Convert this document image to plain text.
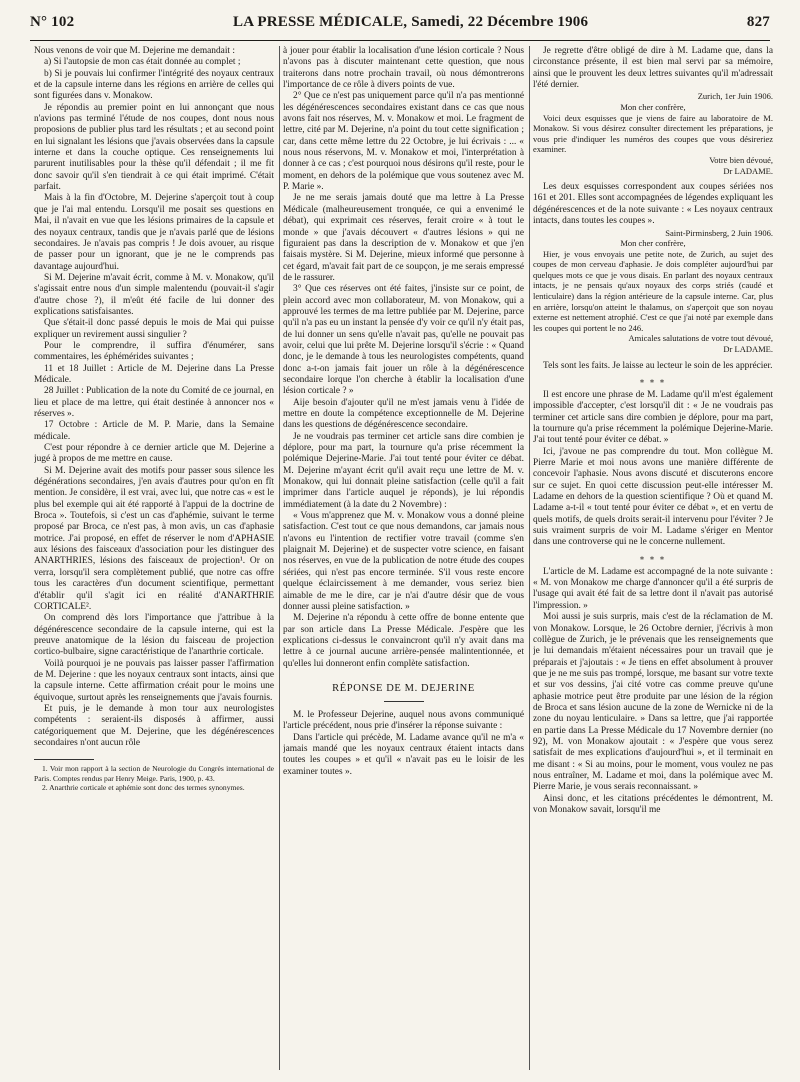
N° 102	LA PRESSE MÉDICALE, Samedi, 22 Décembre 1906	827

Nous venons de voir que M. Dejerine me demandait :

a) Si l'autopsie de mon cas était donnée au complet ;

b) Si je pouvais lui confirmer l'intégrité des noyaux centraux et de la capsule interne dans les régions en arrière de celles qui sont figurées dans v. Monakow.

Je répondis au premier point en lui annonçant que nous n'avions pas terminé l'étude de nos coupes, dont nous nous proposions de publier plus tard les résultats ; et au second point en lui signalant les lésions que j'avais observées dans la capsule interne et dans la couche optique. Ces renseignements lui parurent inutilisables pour la thèse qu'il défendait ; il me fit donc savoir qu'il s'en tiendrait à ce qui était imprimé. C'était parfait.

Mais à la fin d'Octobre, M. Dejerine s'aperçoit tout à coup que je l'ai mal entendu. Lorsqu'il me posait ses questions en Mai, il n'avait en vue que les lésions primaires de la capsule et des noyaux centraux, tandis que je n'avais parlé que de lésions secondaires. Je n'avais pas compris ! Je dois avouer, au risque de passer pour un ignorant, que je ne le comprends pas davantage aujourd'hui.

Si M. Dejerine m'avait écrit, comme à M. v. Monakow, qu'il s'agissait entre nous d'un simple malentendu (pouvait-il s'agir d'autre chose ?), il m'eût été facile de lui donner des explications satisfaisantes.

Que s'était-il donc passé depuis le mois de Mai qui puisse expliquer un revirement aussi singulier ?

Pour le comprendre, il suffira d'énumérer, sans commentaires, les éphémérides suivantes ;

11 et 18 Juillet : Article de M. Dejerine dans La Presse Médicale.

28 Juillet : Publication de la note du Comité de ce journal, en lieu et place de ma lettre, qui était destinée à annoncer nos « réserves ».

17 Octobre : Article de M. P. Marie, dans la Semaine médicale.

C'est pour répondre à ce dernier article que M. Dejerine a jugé à propos de me mettre en cause.

Si M. Dejerine avait des motifs pour passer sous silence les dégénérations secondaires, j'en avais d'autres pour qu'on en fît mention. Je considère, il est vrai, avec lui, que notre cas « est le plus bel exemple qui ait été rapporté à l'appui de la doctrine de Broca ». Toutefois, si c'est un cas d'aphémie, suivant le terme proposé par Broca, ce n'est pas, à mon avis, un cas d'aphasie motrice. J'ai proposé, en effet de réserver le nom d'APHASIE aux lésions des faisceaux d'association pour les distinguer des ANARTHRIES, lésions des faisceaux de projection¹. Or on verra, lorsqu'il sera complètement publié, que notre cas offre tous les caractères d'un document scientifique, permettant d'établir qu'il s'agit ici en réalité d'ANARTHRIE CORTICALE².

On comprend dès lors l'importance que j'attribue à la dégénérescence secondaire de la capsule interne, qui est la preuve anatomique de la lésion du faisceau de projection cortico-bulbaire, signe caractéristique de l'anarthrie corticale.

Voilà pourquoi je ne pouvais pas laisser passer l'affirmation de M. Dejerine : que les noyaux centraux sont intacts, ainsi que la capsule interne. Cette affirmation créait pour le moins une équivoque, surtout après les renseignements que j'avais fournis.

Et puis, je le demande à mon tour aux neurologistes compétents : seraient-ils disposés à affirmer, aussi catégoriquement que M. Dejerine, que les dégénérescences secondaires n'ont aucun rôle

1. Voir mon rapport à la section de Neurologie du Congrès international de Paris. Comptes rendus par Henry Meige. Paris, 1900, p. 43.

2. Anarthrie corticale et aphémie sont donc des termes synonymes.

à jouer pour établir la localisation d'une lésion corticale ? Nous n'avons pas à discuter maintenant cette question, que nous traiterons dans notre prochain travail, où nous démontrerons l'importance de ce rôle à divers points de vue.

2° Que ce n'est pas uniquement parce qu'il n'a pas mentionné les dégénérescences secondaires existant dans ce cas que nous avons fait nos réserves, M. v. Monakow et moi. Le fragment de lettre, cité par M. Dejerine, n'a point du tout cette signification ; car, dans cette même lettre du 22 Octobre, je lui écrivais : ... « nous nous réservons, M. v. Monakow et moi, l'interprétation à donner à ce cas ; c'est pourquoi nous désirons qu'il reste, pour le moment, en dehors de la polémique que vous soutenez avec M. P. Marie ».

Je ne me serais jamais douté que ma lettre à La Presse Médicale (malheureusement tronquée, ce qui a envenimé le débat), qui exprimait ces réserves, ferait croire « à tout le monde » que j'avais découvert « d'autres lésions » qui ne figuraient pas dans la description de v. Monakow et que j'en faisais mystère. Si M. Dejerine, mieux informé que personne à cet égard, m'avait fait part de ce soupçon, je me serais empressé de le rassurer.

3° Que ces réserves ont été faites, j'insiste sur ce point, de plein accord avec mon collaborateur, M. von Monakow, qui a approuvé les termes de ma lettre publiée par M. Dejerine, parce qu'il n'a pas eu un instant la pensée d'y voir ce qu'il n'y était pas, de lui donner un sens qu'elle n'avait pas, qu'elle ne pouvait pas avoir, celui que lui prête M. Dejerine lorsqu'il s'écrie : « Quand donc, je le demande à tous les neurologistes compétents, quand donc a-t-on jamais fait jouer un rôle à la dégénérescence secondaire lorque l'on cherche à établir la localisation d'une lésion corticale ? »

Aije besoin d'ajouter qu'il ne m'est jamais venu à l'idée de mettre en doute la compétence exceptionnelle de M. Dejerine dans les questions de dégénérescence secondaire.

Je ne voudrais pas terminer cet article sans dire combien je déplore, pour ma part, la tournure qu'a prise récemment la polémique Dejerine-Marie. J'ai tout tenté pour éviter ce débat. M. Dejerine m'ayant écrit qu'il avait reçu une lettre de M. v. Monakow, qui lui donnait pleine satisfaction (celle qu'il a fait imprimer dans l'article auquel je réponds), je lui répondis immédiatement (à la date du 2 Novembre) :

« Vous m'apprenez que M. v. Monakow vous a donné pleine satisfaction. C'est tout ce que nous demandons, car jamais nous n'avons eu l'intention de rectifier votre travail (comme s'en plaignait M. Dejerine) et de suspecter votre science, en faisant nos réserves, en vue de la publication de notre étude des coupes sériées, qui n'est pas encore terminée. S'il vous reste encore quelque éclaircissement à me demander, vous seriez bien aimable de me le dire, car je n'ai d'autre désir que de vous donner aussi pleine satisfaction. »

M. Dejerine n'a répondu à cette offre de bonne entente que par son article dans La Presse Médicale. J'espère que les explications ci-dessus le convaincront qu'il n'y avait dans ma lettre à ce journal aucune arrière-pensée malintentionnée, et qu'elles lui donneront enfin complète satisfaction.

RÉPONSE DE M. DEJERINE

M. le Professeur Dejerine, auquel nous avons communiqué l'article précédent, nous prie d'insérer la réponse suivante :

Dans l'article qui précède, M. Ladame avance qu'il ne m'a « jamais mandé que les noyaux centraux étaient intacts dans toutes les coupes » et qu'il « n'avait pas eu le loisir de les examiner toutes ».

Je regrette d'être obligé de dire à M. Ladame que, dans la circonstance présente, il est bien mal servi par sa mémoire, ainsi que le prouvent les deux lettres suivantes qu'il m'adressait l'été dernier.

Zurich, 1er Juin 1906.

Mon cher confrère,

Voici deux esquisses que je viens de faire au laboratoire de M. Monakow. Si vous désirez consulter directement les préparations, je vous prie d'indiquer les numéros des coupes que vous désireriez examiner.

Votre bien dévoué,

Dr LADAME.

Les deux esquisses correspondent aux coupes sériées nos 161 et 201. Elles sont accompagnées de légendes expliquant les dégénérescences et de la note suivante : « Les noyaux centraux intacts, dans toutes les coupes ».

Saint-Pirminsberg, 2 Juin 1906.

Mon cher confrère,

Hier, je vous envoyais une petite note, de Zurich, au sujet des coupes de mon cerveau d'aphasie. Je dois compléter aujourd'hui par quelques mots ce que je vous disais. En parlant des noyaux centraux intacts, je ne pensais qu'aux noyaux des corps striés (caudé et lenticulaire) dans la région antérieure de la capsule interne. Car, plus en arrière, lorsqu'on atteint le thalamus, on s'aperçoit que son noyau externe est nettement atrophié. C'est ce que j'ai noté par exemple dans les coupes qui portent le no 246.

Amicales salutations de votre tout dévoué,

Dr LADAME.

Tels sont les faits. Je laisse au lecteur le soin de les apprécier.

⁎ ⁎ ⁎

Il est encore une phrase de M. Ladame qu'il m'est également impossible d'accepter, c'est lorsqu'il dit : « Je ne voudrais pas terminer cet article sans dire combien je déplore, pour ma part, la tournure qu'a prise récemment la polémique Dejerine-Marie. J'ai tout tenté pour éviter ce débat. »

Ici, j'avoue ne pas comprendre du tout. Mon collègue M. Pierre Marie et moi nous avons une manière différente de concevoir l'aphasie. Nous avons discuté et discuterons encore sur ce sujet. En quoi cette discussion peut-elle intéresser M. Ladame en dehors de la question scientifique ? Où et quand M. Ladame a-t-il « tout tenté pour éviter ce débat », et en vertu de quels motifs, de quels droits serait-il intervenu pour l'éviter ? Je suis vraiment surpris de voir M. Ladame s'ériger en Mentor dans une controverse qui ne le concerne nullement.

⁎ ⁎ ⁎

L'article de M. Ladame est accompagné de la note suivante : « M. von Monakow me charge d'annoncer qu'il a été surpris de l'usage qui avait été fait de sa lettre dont il n'avait pas autorisé l'impression. »

Moi aussi je suis surpris, mais c'est de la réclamation de M. von Monakow. Lorsque, le 26 Octobre dernier, j'écrivis à mon collègue de Zurich, je le prévenais que les renseignements que je lui demandais m'étaient nécessaires pour un travail que je préparais et j'ajoutais : « Je tiens en effet absolument à prouver que je ne me suis pas trompé, lorsque, me basant sur votre texte et sur vos dessins, j'ai cité votre cas comme preuve qu'une aphasie motrice peut être produite par une lésion de la région de Broca et sans lésion aucune de la zone de Wernicke ni de la zone du noyau lenticulaire. » Dans sa lettre, que j'ai rapportée en partie dans La Presse Médicale du 17 Novembre dernier (no 92), M. von Monakow ajoutait : « J'espère que vous serez satisfait de mes explications d'aujourd'hui », et il terminait en me disant : « Si au moins, pour le moment, vous voulez ne pas nous entraîner, M. Ladame et moi, dans la polémique avec M. Pierre Marie, je vous serais reconnaissant. »

Ainsi donc, et les citations précédentes le démontrent, M. von Monakow savait, lorsqu'il me
